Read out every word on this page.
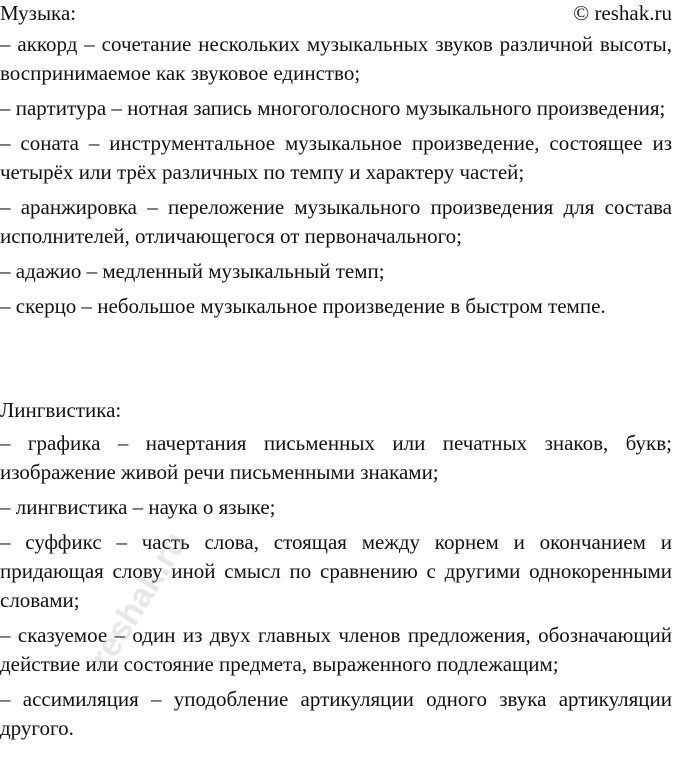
Музыка:	© reshak.ru

– аккорд – сочетание нескольких музыкальных звуков различной высоты, воспринимаемое как звуковое единство;

– партитура – нотная запись многоголосного музыкального произведения;

– соната – инструментальное музыкальное произведение, состоящее из четырёх или трёх различных по темпу и характеру частей;

– аранжировка – переложение музыкального произведения для состава исполнителей, отличающегося от первоначального;

– адажио – медленный музыкальный темп;

– скерцо – небольшое музыкальное произведение в быстром темпе.

Лингвистика:

– графика – начертания письменных или печатных знаков, букв; изображение живой речи письменными знаками;

– лингвистика – наука о языке;

– суффикс – часть слова, стоящая между корнем и окончанием и придающая слову иной смысл по сравнению с другими однокоренными словами;

– сказуемое – один из двух главных членов предложения, обозначающий действие или состояние предмета, выраженного подлежащим;

– ассимиляция – уподобление артикуляции одного звука артикуляции другого.

reshak.ru
